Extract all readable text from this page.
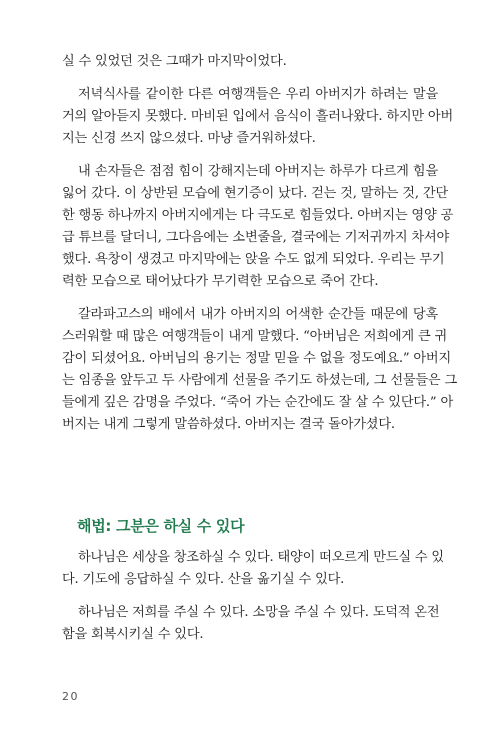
실 수 있었던 것은 그때가 마지막이었다.
저녁식사를 같이한 다른 여행객들은 우리 아버지가 하려는 말을
거의 알아듣지 못했다. 마비된 입에서 음식이 흘러나왔다. 하지만 아버
지는 신경 쓰지 않으셨다. 마냥 즐거워하셨다.
내 손자들은 점점 힘이 강해지는데 아버지는 하루가 다르게 힘을
잃어 갔다. 이 상반된 모습에 현기증이 났다. 걷는 것, 말하는 것, 간단
한 행동 하나까지 아버지에게는 다 극도로 힘들었다. 아버지는 영양 공
급 튜브를 달더니, 그다음에는 소변줄을, 결국에는 기저귀까지 차셔야
했다. 욕창이 생겼고 마지막에는 앉을 수도 없게 되었다. 우리는 무기
력한 모습으로 태어났다가 무기력한 모습으로 죽어 간다.
갈라파고스의 배에서 내가 아버지의 어색한 순간들 때문에 당혹
스러워할 때 많은 여행객들이 내게 말했다. “아버님은 저희에게 큰 귀
감이 되셨어요. 아버님의 용기는 정말 믿을 수 없을 정도예요.” 아버지
는 임종을 앞두고 두 사람에게 선물을 주기도 하셨는데, 그 선물들은 그
들에게 깊은 감명을 주었다. “죽어 가는 순간에도 잘 살 수 있단다.” 아
버지는 내게 그렇게 말씀하셨다. 아버지는 결국 돌아가셨다.
해법: 그분은 하실 수 있다
하나님은 세상을 창조하실 수 있다. 태양이 떠오르게 만드실 수 있
다. 기도에 응답하실 수 있다. 산을 옮기실 수 있다.
하나님은 저희를 주실 수 있다. 소망을 주실 수 있다. 도덕적 온전
함을 회복시키실 수 있다.
20
